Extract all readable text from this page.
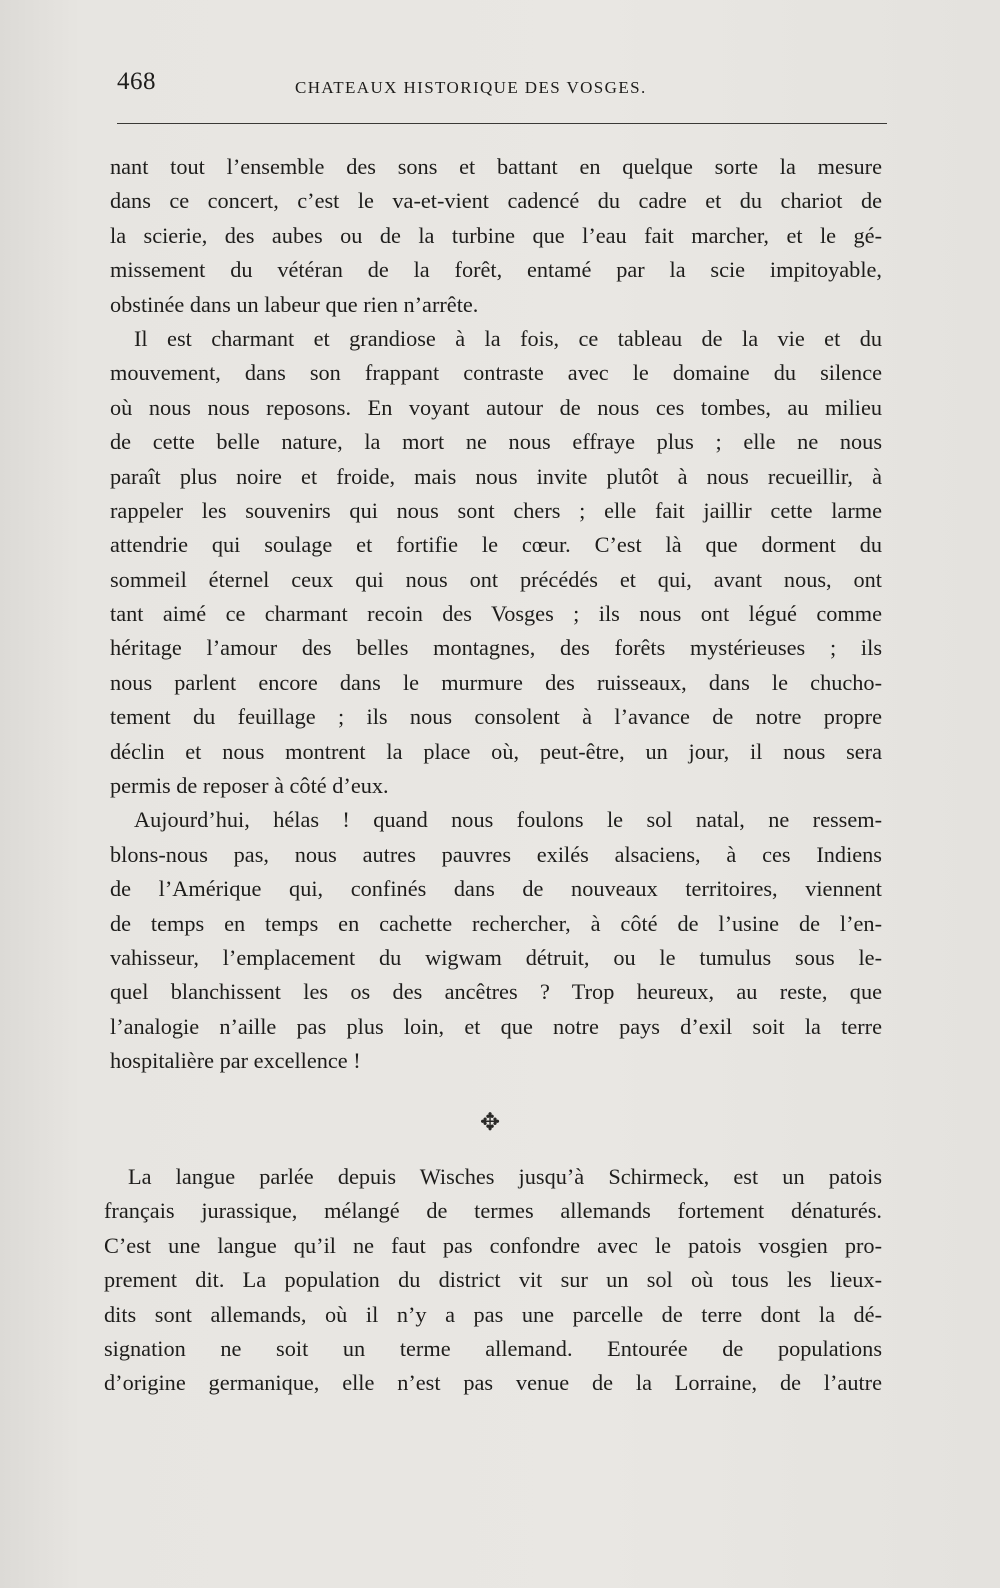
468	CHATEAUX HISTORIQUE DES VOSGES.
nant tout l’ensemble des sons et battant en quelque sorte la mesure
dans ce concert, c’est le va-et-vient cadencé du cadre et du chariot de
la scierie, des aubes ou de la turbine que l’eau fait marcher, et le gé-
missement du vétéran de la forêt, entamé par la scie impitoyable,
obstinée dans un labeur que rien n’arrête.
Il est charmant et grandiose à la fois, ce tableau de la vie et du
mouvement, dans son frappant contraste avec le domaine du silence
où nous nous reposons. En voyant autour de nous ces tombes, au milieu
de cette belle nature, la mort ne nous effraye plus ; elle ne nous
paraît plus noire et froide, mais nous invite plutôt à nous recueillir, à
rappeler les souvenirs qui nous sont chers ; elle fait jaillir cette larme
attendrie qui soulage et fortifie le cœur. C’est là que dorment du
sommeil éternel ceux qui nous ont précédés et qui, avant nous, ont
tant aimé ce charmant recoin des Vosges ; ils nous ont légué comme
héritage l’amour des belles montagnes, des forêts mystérieuses ; ils
nous parlent encore dans le murmure des ruisseaux, dans le chucho-
tement du feuillage ; ils nous consolent à l’avance de notre propre
déclin et nous montrent la place où, peut-être, un jour, il nous sera
permis de reposer à côté d’eux.
Aujourd’hui, hélas ! quand nous foulons le sol natal, ne ressem-
blons-nous pas, nous autres pauvres exilés alsaciens, à ces Indiens
de l’Amérique qui, confinés dans de nouveaux territoires, viennent
de temps en temps en cachette rechercher, à côté de l’usine de l’en-
vahisseur, l’emplacement du wigwam détruit, ou le tumulus sous le-
quel blanchissent les os des ancêtres ? Trop heureux, au reste, que
l’analogie n’aille pas plus loin, et que notre pays d’exil soit la terre
hospitalière par excellence !
✥
La langue parlée depuis Wisches jusqu’à Schirmeck, est un patois
français jurassique, mélangé de termes allemands fortement dénaturés.
C’est une langue qu’il ne faut pas confondre avec le patois vosgien pro-
prement dit. La population du district vit sur un sol où tous les lieux-
dits sont allemands, où il n’y a pas une parcelle de terre dont la dé-
signation ne soit un terme allemand. Entourée de populations
d’origine germanique, elle n’est pas venue de la Lorraine, de l’autre
